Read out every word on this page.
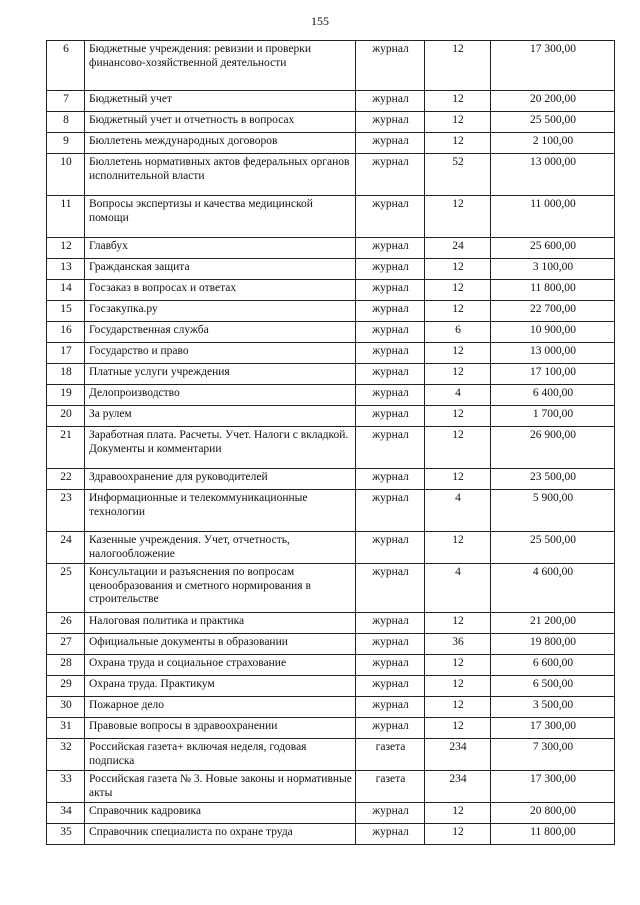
155
6	Бюджетные учреждения: ревизии и проверки финансово-хозяйственной деятельности	журнал	12	17 300,00
7	Бюджетный учет	журнал	12	20 200,00
8	Бюджетный учет и отчетность в вопросах	журнал	12	25 500,00
9	Бюллетень международных договоров	журнал	12	2 100,00
10	Бюллетень нормативных актов федеральных органов исполнительной власти	журнал	52	13 000,00
11	Вопросы экспертизы и качества медицинской помощи	журнал	12	11 000,00
12	Главбух	журнал	24	25 600,00
13	Гражданская защита	журнал	12	3 100,00
14	Госзаказ в вопросах и ответах	журнал	12	11 800,00
15	Госзакупка.ру	журнал	12	22 700,00
16	Государственная служба	журнал	6	10 900,00
17	Государство и право	журнал	12	13 000,00
18	Платные услуги учреждения	журнал	12	17 100,00
19	Делопроизводство	журнал	4	6 400,00
20	За рулем	журнал	12	1 700,00
21	Заработная плата. Расчеты. Учет. Налоги с вкладкой. Документы и комментарии	журнал	12	26 900,00
22	Здравоохранение для руководителей	журнал	12	23 500,00
23	Информационные и телекоммуникационные технологии	журнал	4	5 900,00
24	Казенные учреждения. Учет, отчетность, налогообложение	журнал	12	25 500,00
25	Консультации и разъяснения по вопросам ценообразования и сметного нормирования в строительстве	журнал	4	4 600,00
26	Налоговая политика и практика	журнал	12	21 200,00
27	Официальные документы в образовании	журнал	36	19 800,00
28	Охрана труда и социальное страхование	журнал	12	6 600,00
29	Охрана труда. Практикум	журнал	12	6 500,00
30	Пожарное дело	журнал	12	3 500,00
31	Правовые вопросы в здравоохранении	журнал	12	17 300,00
32	Российская газета+ включая неделя, годовая подписка	газета	234	7 300,00
33	Российская газета № 3. Новые законы и нормативные акты	газета	234	17 300,00
34	Справочник кадровика	журнал	12	20 800,00
35	Справочник специалиста по охране труда	журнал	12	11 800,00
